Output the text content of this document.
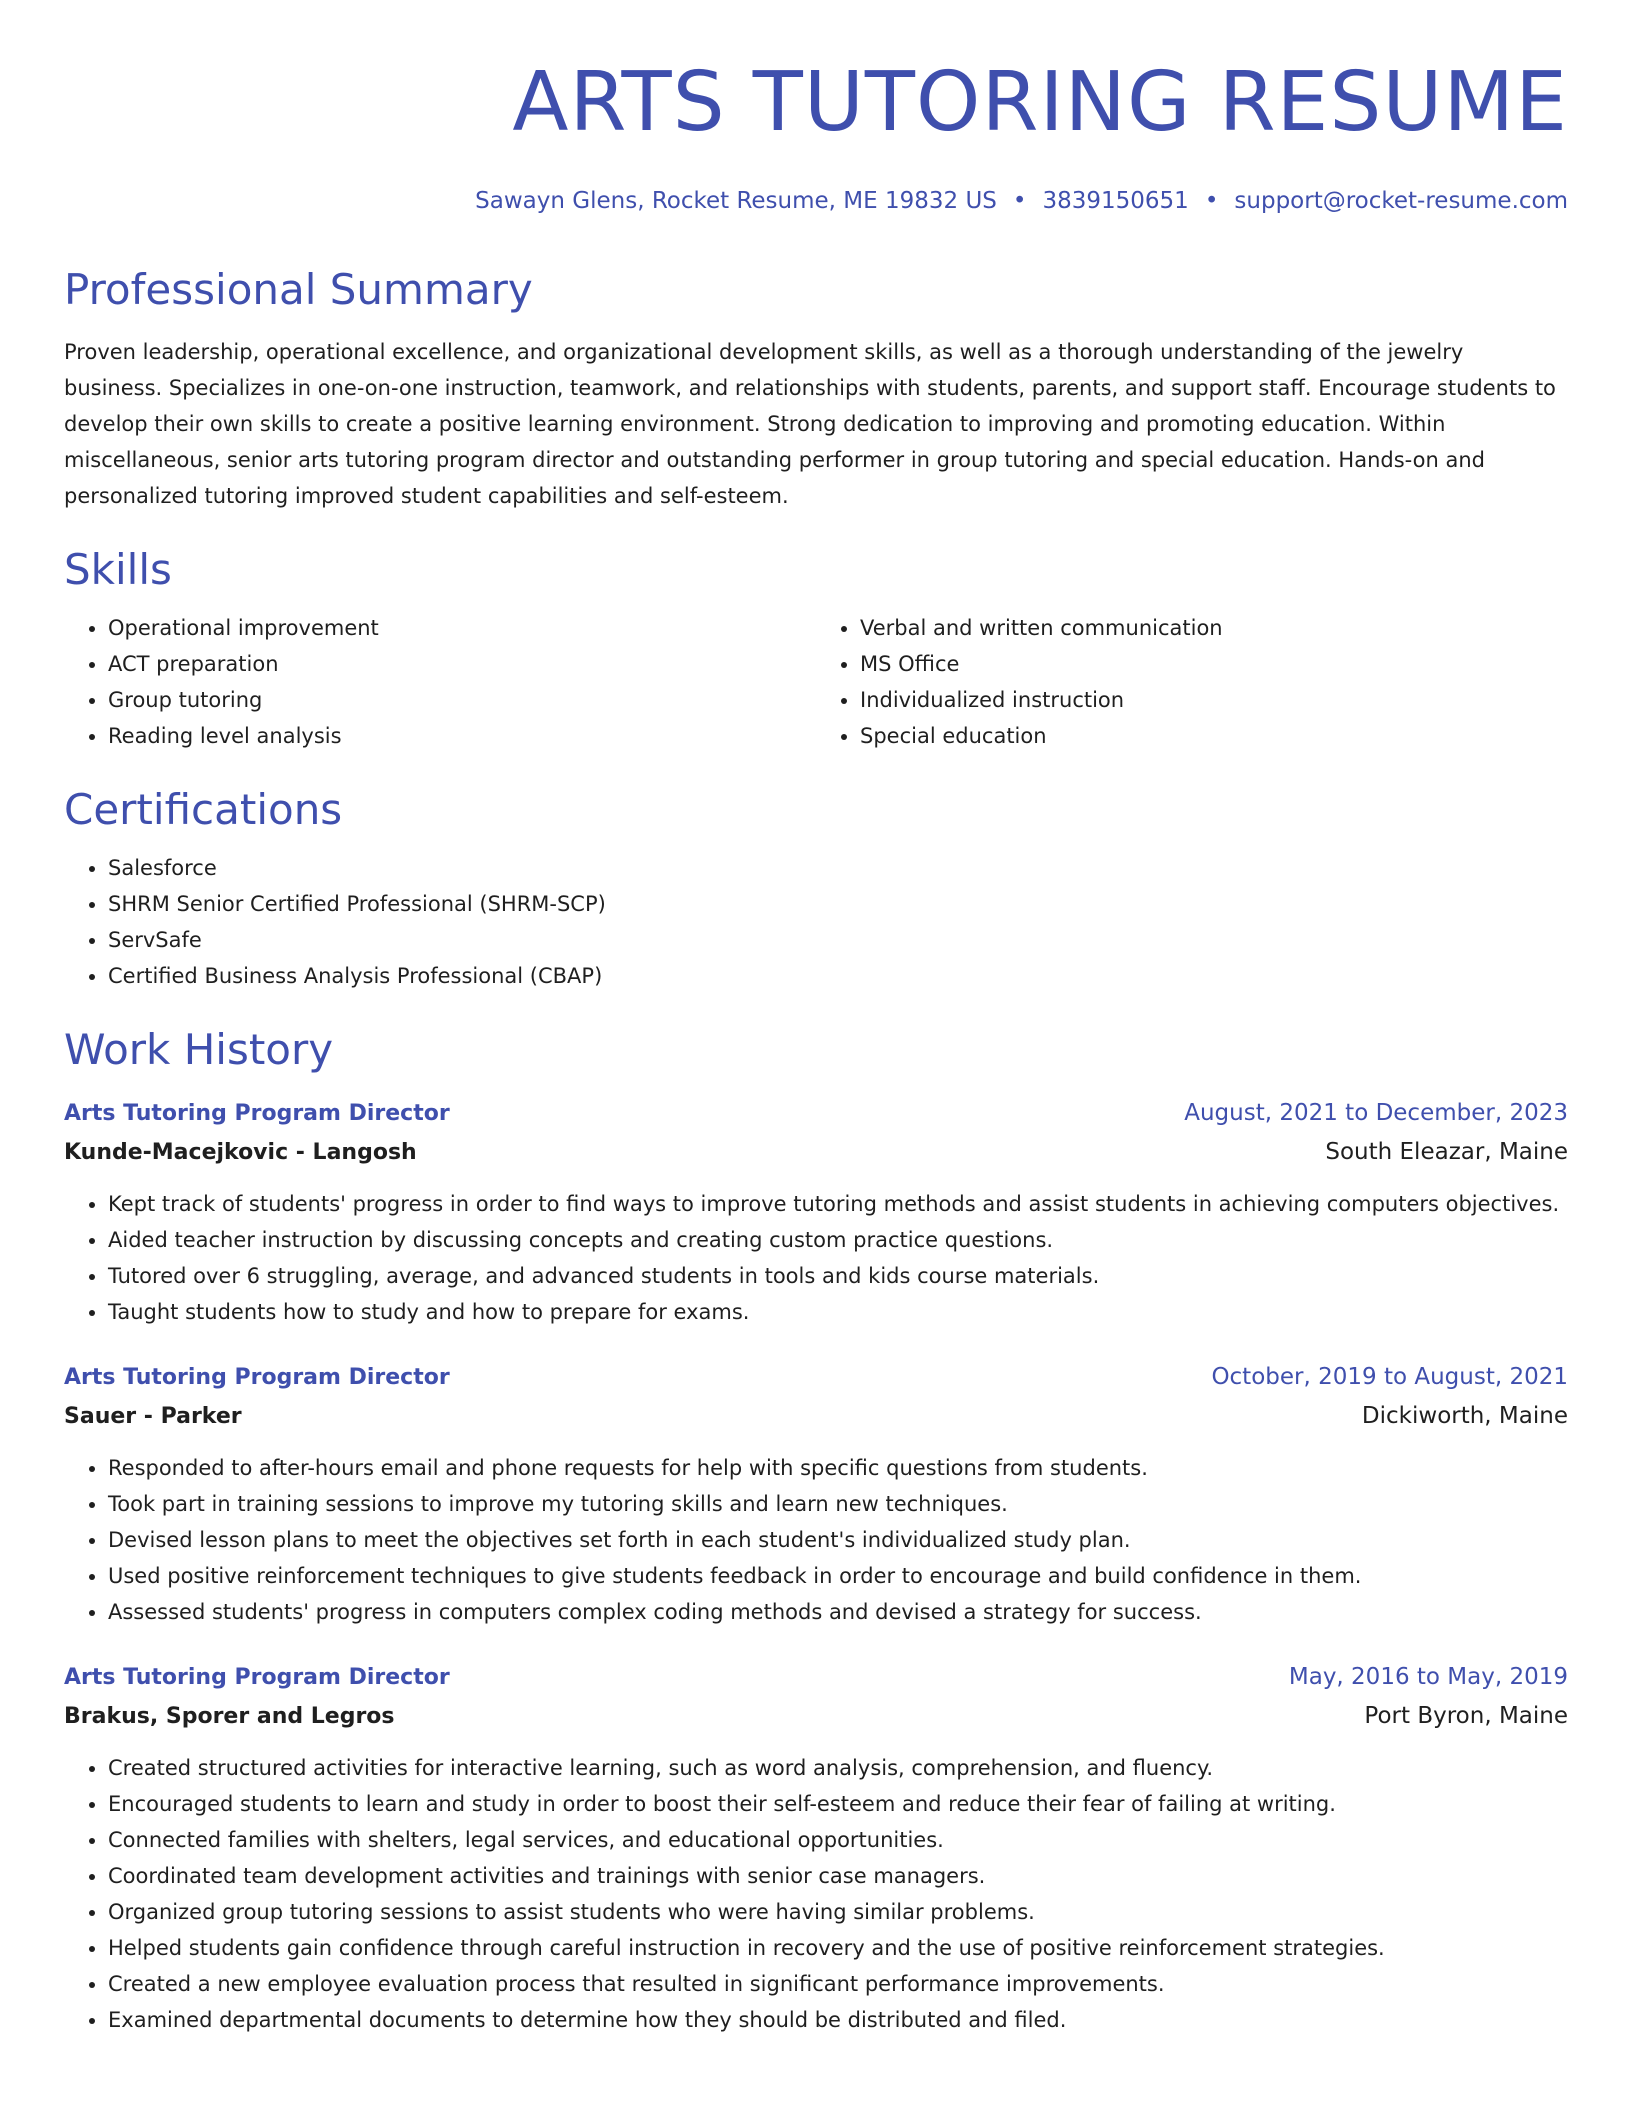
ARTS TUTORING RESUME
Sawayn Glens, Rocket Resume, ME 19832 US • 3839150651 • support@rocket-resume.com
Professional Summary

Proven leadership, operational excellence, and organizational development skills, as well as a thorough understanding of the jewelry business. Specializes in one-on-one instruction, teamwork, and relationships with students, parents, and support staff. Encourage students to develop their own skills to create a positive learning environment. Strong dedication to improving and promoting education. Within miscellaneous, senior arts tutoring program director and outstanding performer in group tutoring and special education. Hands-on and personalized tutoring improved student capabilities and self-esteem.

Skills
• Operational improvement
• ACT preparation
• Group tutoring
• Reading level analysis
• Verbal and written communication
• MS Office
• Individualized instruction
• Special education
Certifications
• Salesforce
• SHRM Senior Certified Professional (SHRM-SCP)
• ServSafe
• Certified Business Analysis Professional (CBAP)
Work History
Arts Tutoring Program Director	August, 2021 to December, 2023
Kunde-Macejkovic - Langosh	South Eleazar, Maine
• Kept track of students' progress in order to find ways to improve tutoring methods and assist students in achieving computers objectives.
• Aided teacher instruction by discussing concepts and creating custom practice questions.
• Tutored over 6 struggling, average, and advanced students in tools and kids course materials.
• Taught students how to study and how to prepare for exams.
Arts Tutoring Program Director	October, 2019 to August, 2021
Sauer - Parker	Dickiworth, Maine
• Responded to after-hours email and phone requests for help with specific questions from students.
• Took part in training sessions to improve my tutoring skills and learn new techniques.
• Devised lesson plans to meet the objectives set forth in each student's individualized study plan.
• Used positive reinforcement techniques to give students feedback in order to encourage and build confidence in them.
• Assessed students' progress in computers complex coding methods and devised a strategy for success.
Arts Tutoring Program Director	May, 2016 to May, 2019
Brakus, Sporer and Legros	Port Byron, Maine
• Created structured activities for interactive learning, such as word analysis, comprehension, and fluency.
• Encouraged students to learn and study in order to boost their self-esteem and reduce their fear of failing at writing.
• Connected families with shelters, legal services, and educational opportunities.
• Coordinated team development activities and trainings with senior case managers.
• Organized group tutoring sessions to assist students who were having similar problems.
• Helped students gain confidence through careful instruction in recovery and the use of positive reinforcement strategies.
• Created a new employee evaluation process that resulted in significant performance improvements.
• Examined departmental documents to determine how they should be distributed and filed.
